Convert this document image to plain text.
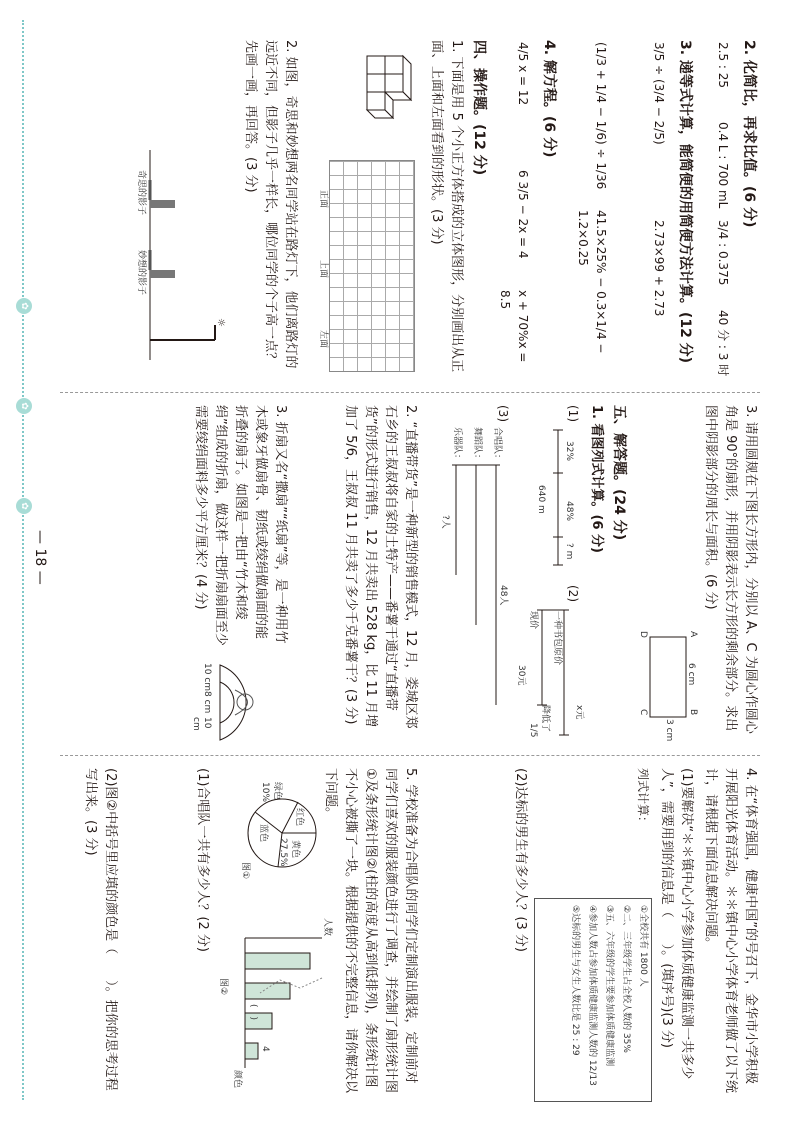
2. 化简比，再求比值。(6 分)
2.5 : 25
0.4 L : 700 mL
3/4 : 0.375
40 分 : 3 时
3. 递等式计算，能简便的用简便方法计算。(12 分)
3/5 ÷ (3/4 − 2/5)
2.73×99 + 2.73
(1/3 + 1/4 − 1/6) ÷ 1/36
41.5×25% − 0.3×1/4 − 1.2×0.25
4. 解方程。(6 分)
4/5 x = 12
6 3/5 − 2x = 4
x + 70%x = 8.5
四、操作题。(12 分)
1. 下面是用 5 个小正方体搭成的立体图形，分别画出从正面、上面和左面看到的形状。(3 分)
正面
上面
左面
2. 如图，奇思和妙想两名同学站在路灯下，他们离路灯的远近不同，但影子几乎一样长，哪位同学的个子高一点？先画一画，再回答。(3 分)
☼
奇思的影子
妙想的影子
3. 请用圆规在下图长方形内，分别以 A、C 为圆心作圆心角是 90°的扇形，并用阴影表示长方形的剩余部分。求出图中阴影部分的周长与面积。(6 分)
A
B
C
D
6 cm
3 cm
五、解答题。(24 分)
1. 看图列式计算。(6 分)
(1)
32%
48%
? m
640 m
(2)
x元
一种书包原价
现价
降低了
1/5
30元
(3)
合唱队：
舞蹈队：
乐器队：
48人
?人
2. “直播带货”是一种新型的销售模式，12 月，娄城区郑石乡的王叔叔将自家的土特产——番薯干通过“直播带货”的形式进行销售，12 月共卖出 528 kg，比 11 月增加了 5/6，王叔叔 11 月共卖了多少千克番薯干？(3 分)
3. 折扇又名“撒扇”“纸扇”等，是一种用竹木或象牙做扇骨、韧纸或绫绢做扇面的能折叠的扇子。如图是一把由“竹木和绫绢”组成的折扇，做这样一把折扇扇面至少需要绫绢面料多少平方厘米？(4 分)
10 cm
8 cm
10 cm
4. 在“体育强国，健康中国”的号召下，金华市小学积极开展阳光体育活动。＊＊镇中心小学体育老师做了以下统计，请根据下面信息解决问题。
(1)要解决“＊＊镇中心小学参加体质健康监测一共多少人”，需要用到的信息是（　　）。(填序号)(3 分)
列式计算：
①全校共有 1800 人
②二、三年级学生占全校人数的 35%
③五、六年级的学生要参加体质健康监测
④参加人数占参加体质健康监测人数的 12/13
⑤达标的男生与女生人数比是 25 : 29
(2)达标的男生有多少人？(3 分)
5. 学校准备为合唱队的同学们定制演出服装，定制前对同学们喜欢的服装颜色进行了调查，并绘制了扇形统计图①及条形统计图②(柱的高度从高到低排列)，条形统计图不小心被撕了一块。根据提供的不完整信息，请你解决以下问题。
黄色
27.5%
红色
蓝色
绿色
10%
图①
人数
颜色
(　)
4
图②
(1)合唱队一共有多少人？(2 分)
(2)图②中括号里应填的颜色是（　　）。把你的思考过程写出来。(3 分)
— 18 —
✿
✿
✿
